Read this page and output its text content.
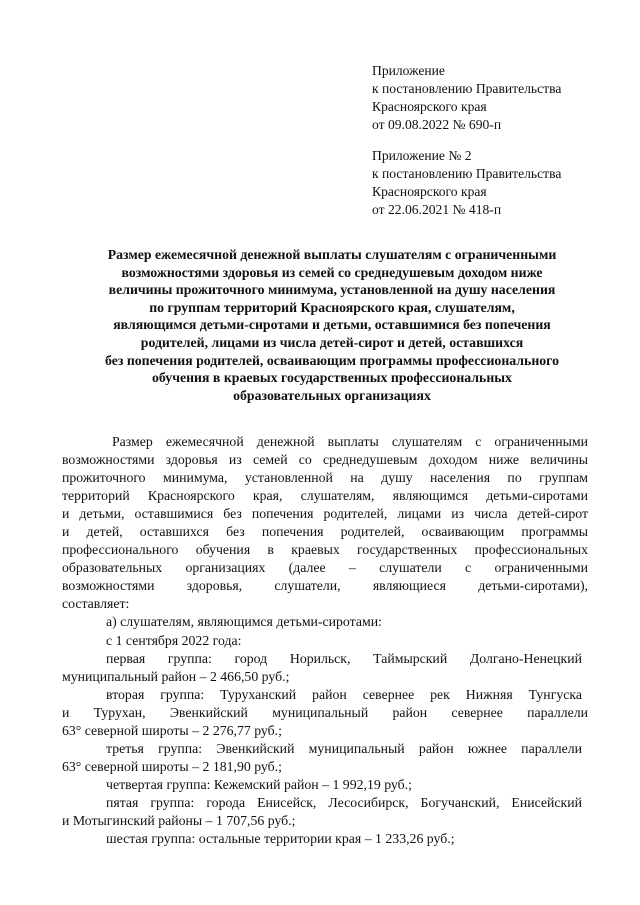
Приложение
к постановлению Правительства
Красноярского края
от 09.08.2022 № 690-п
Приложение № 2
к постановлению Правительства
Красноярского края
от 22.06.2021 № 418-п
Размер ежемесячной денежной выплаты слушателям с ограниченными
возможностями здоровья из семей со среднедушевым доходом ниже
величины прожиточного минимума, установленной на душу населения
по группам территорий Красноярского края, слушателям,
являющимся детьми-сиротами и детьми, оставшимися без попечения
родителей, лицами из числа детей-сирот и детей, оставшихся
без попечения родителей, осваивающим программы профессионального
обучения в краевых государственных профессиональных
образовательных организациях
Размер ежемесячной денежной выплаты слушателям с ограниченными
возможностями здоровья из семей со среднедушевым доходом ниже величины
прожиточного минимума, установленной на душу населения по группам
территорий Красноярского края, слушателям, являющимся детьми-сиротами
и детьми, оставшимися без попечения родителей, лицами из числа детей-сирот
и детей, оставшихся без попечения родителей, осваивающим программы
профессионального обучения в краевых государственных профессиональных
образовательных организациях (далее – слушатели с ограниченными
возможностями здоровья, слушатели, являющиеся детьми-сиротами),
составляет:
а) слушателям, являющимся детьми-сиротами:
с 1 сентября 2022 года:
первая группа: город Норильск, Таймырский Долгано-Ненецкий
муниципальный район – 2 466,50 руб.;
вторая группа: Туруханский район севернее рек Нижняя Тунгуска
и Турухан, Эвенкийский муниципальный район севернее параллели
63° северной широты – 2 276,77 руб.;
третья группа: Эвенкийский муниципальный район южнее параллели
63° северной широты – 2 181,90 руб.;
четвертая группа: Кежемский район – 1 992,19 руб.;
пятая группа: города Енисейск, Лесосибирск, Богучанский, Енисейский
и Мотыгинский районы – 1 707,56 руб.;
шестая группа: остальные территории края – 1 233,26 руб.;
